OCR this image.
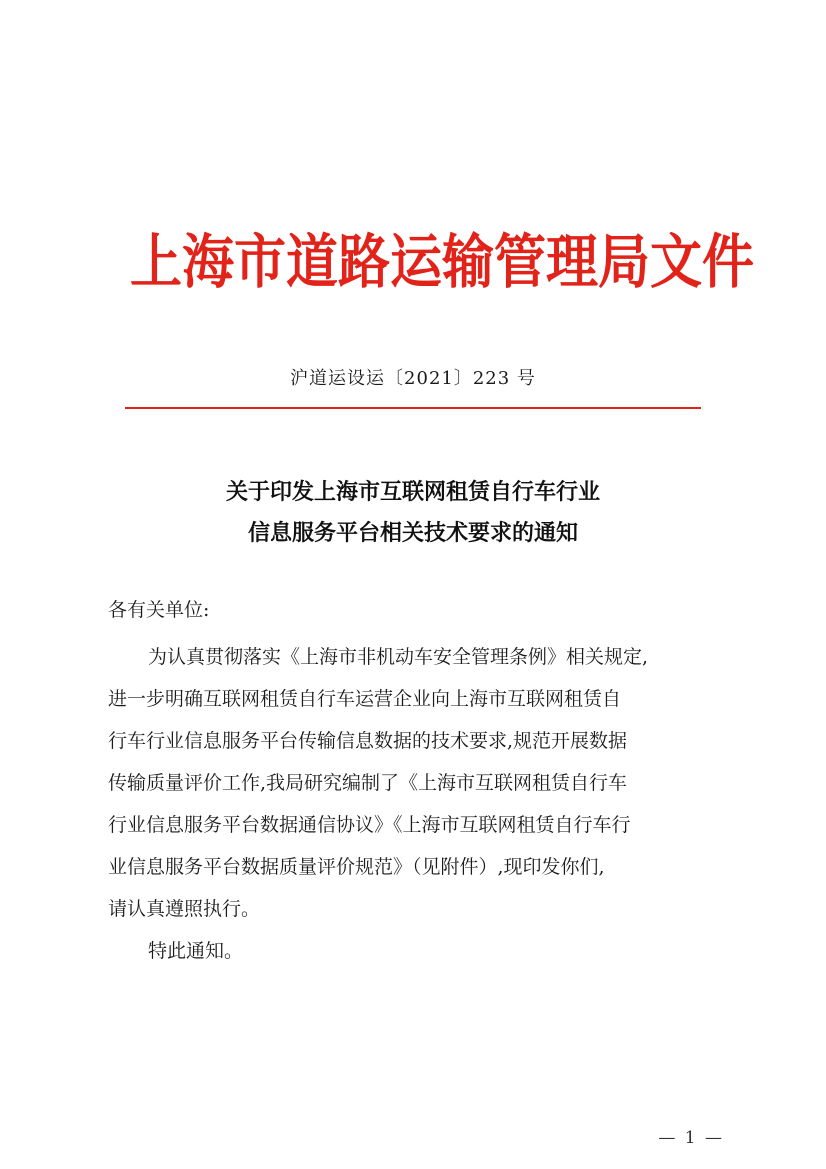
上海市道路运输管理局文件
沪道运设运〔2021〕223 号
关于印发上海市互联网租赁自行车行业
信息服务平台相关技术要求的通知
各有关单位:
为认真贯彻落实《上海市非机动车安全管理条例》相关规定,
进一步明确互联网租赁自行车运营企业向上海市互联网租赁自
行车行业信息服务平台传输信息数据的技术要求,规范开展数据
传输质量评价工作,我局研究编制了《上海市互联网租赁自行车
行业信息服务平台数据通信协议》《上海市互联网租赁自行车行
业信息服务平台数据质量评价规范》（见附件）,现印发你们,
请认真遵照执行。
特此通知。
— 1 —
